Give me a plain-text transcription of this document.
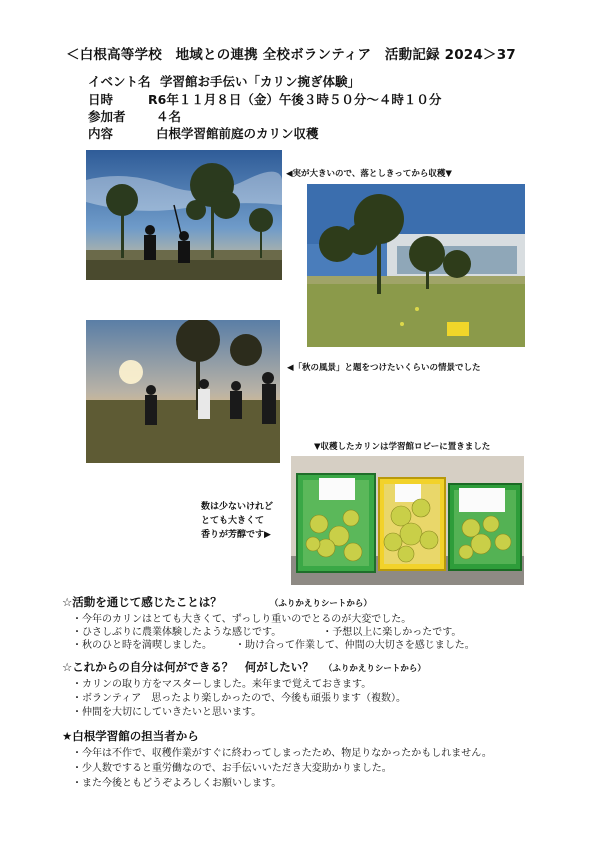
＜白根高等学校　地域との連携 全校ボランティア　活動記録 2024＞37
イベント名 学習館お手伝い「カリン捥ぎ体験」
日時	R6年１１月８日（金）午後３時５０分～４時１０分
参加者 ４名
内容	白根学習館前庭のカリン収穫
◀実が大きいので、落としきってから収穫▼
◀「秋の風景」と題をつけたいくらいの情景でした
▼収穫したカリンは学習館ロビーに置きました
数は少ないけれど
とても大きくて
香りが芳醇です▶
☆活動を通じて感じたことは？	（ふりかえりシートから）
・今年のカリンはとても大きくて、ずっしり重いのでとるのが大変でした。
・ひさしぶりに農業体験したような感じです。	・予想以上に楽しかったです。
・秋のひと時を満喫しました。	・助け合って作業して、仲間の大切さを感じました。
☆これからの自分は何ができる？　何がしたい？ （ふりかえりシートから）
・カリンの取り方をマスターしました。来年まで覚えておきます。
・ボランティア　思ったより楽しかったので、今後も頑張ります（複数）。
・仲間を大切にしていきたいと思います。
★白根学習館の担当者から
・今年は不作で、収穫作業がすぐに終わってしまったため、物足りなかったかもしれません。
・少人数ですると重労働なので、お手伝いいただき大変助かりました。
・また今後ともどうぞよろしくお願いします。
